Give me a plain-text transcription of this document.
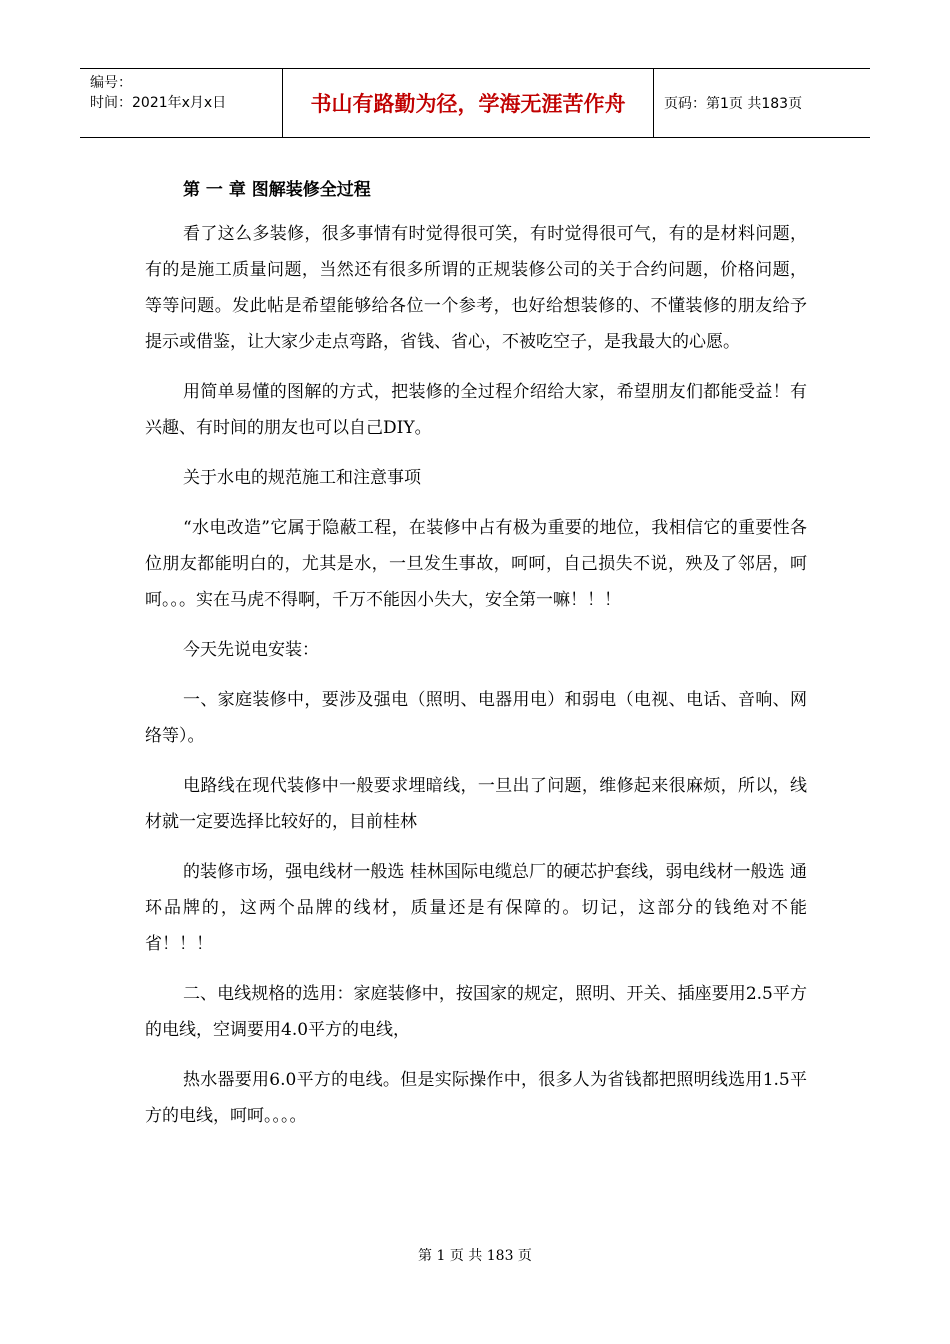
编号：
时间：2021年x月x日	书山有路勤为径，学海无涯苦作舟	页码：第1页 共183页
第 一 章 图解装修全过程

看了这么多装修，很多事情有时觉得很可笑，有时觉得很可气，有的是材料问题，有的是施工质量问题，当然还有很多所谓的正规装修公司的关于合约问题，价格问题，等等问题。发此帖是希望能够给各位一个参考，也好给想装修的、不懂装修的朋友给予提示或借鉴，让大家少走点弯路，省钱、省心，不被吃空子，是我最大的心愿。

用简单易懂的图解的方式，把装修的全过程介绍给大家，希望朋友们都能受益！有兴趣、有时间的朋友也可以自己DIY。

关于水电的规范施工和注意事项

“水电改造”它属于隐蔽工程，在装修中占有极为重要的地位，我相信它的重要性各位朋友都能明白的，尤其是水，一旦发生事故，呵呵，自己损失不说，殃及了邻居，呵呵。。。实在马虎不得啊，千万不能因小失大，安全第一嘛！！！

今天先说电安装：

一、家庭装修中，要涉及强电（照明、电器用电）和弱电（电视、电话、音响、网络等）。

电路线在现代装修中一般要求埋暗线，一旦出了问题，维修起来很麻烦，所以，线材就一定要选择比较好的，目前桂林

的装修市场，强电线材一般选 桂林国际电缆总厂的硬芯护套线，弱电线材一般选 通环品牌的，这两个品牌的线材，质量还是有保障的。切记，这部分的钱绝对不能省！！！

二、电线规格的选用：家庭装修中，按国家的规定，照明、开关、插座要用2.5平方的电线，空调要用4.0平方的电线，

热水器要用6.0平方的电线。但是实际操作中，很多人为省钱都把照明线选用1.5平方的电线，呵呵。。。。

第 1 页 共 183 页
